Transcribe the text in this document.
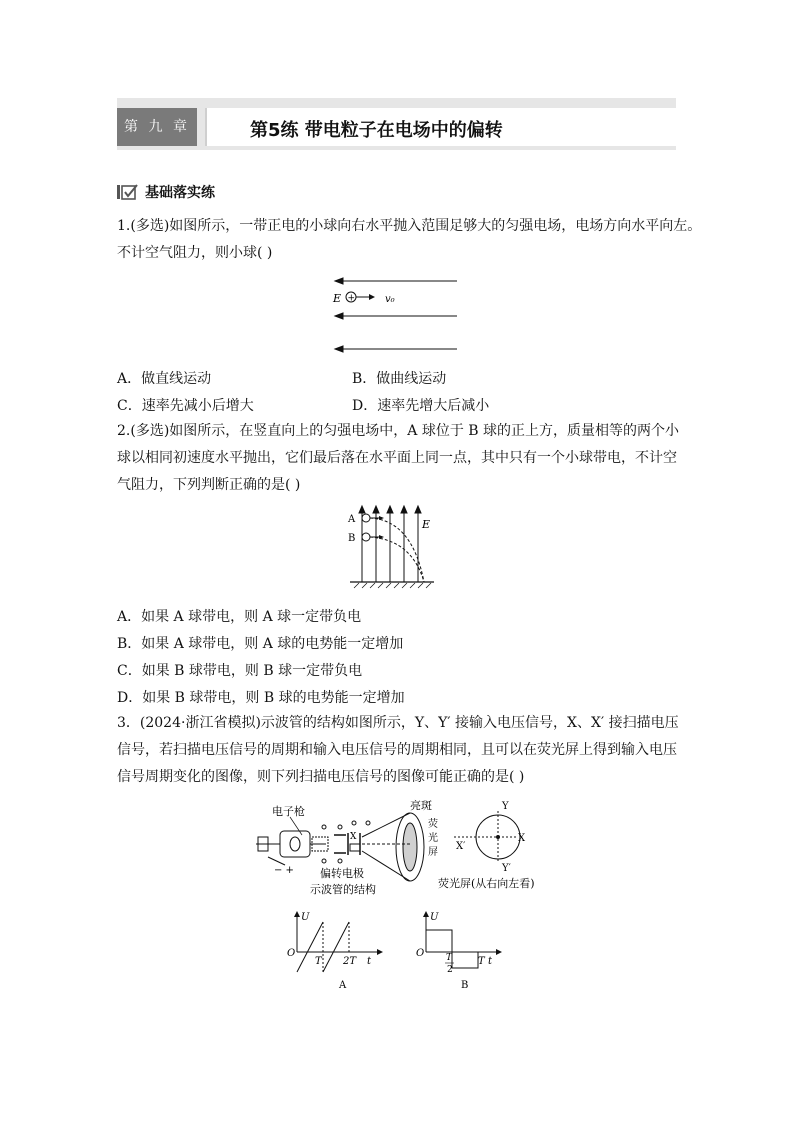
第 九 章	第5练 带电粒子在电场中的偏转
基础落实练
1.(多选)如图所示，一带正电的小球向右水平抛入范围足够大的匀强电场，电场方向水平向左。
不计空气阻力，则小球( )
E +	v₀
A．做直线运动	B．做曲线运动
C．速率先减小后增大	D．速率先增大后减小
2.(多选)如图所示，在竖直向上的匀强电场中，A 球位于 B 球的正上方，质量相等的两个小
球以相同初速度水平抛出，它们最后落在水平面上同一点，其中只有一个小球带电，不计空
气阻力，下列判断正确的是( )
A
B
E
A．如果 A 球带电，则 A 球一定带负电
B．如果 A 球带电，则 A 球的电势能一定增加
C．如果 B 球带电，则 B 球一定带负电
D．如果 B 球带电，则 B 球的电势能一定增加
3．(2024·浙江省模拟)示波管的结构如图所示，Y、Y′ 接输入电压信号，X、X′ 接扫描电压
信号，若扫描电压信号的周期和输入电压信号的周期相同，且可以在荧光屏上得到输入电压
信号周期变化的图像，则下列扫描电压信号的图像可能正确的是( )
电子枪
− +
X
偏转电极
示波管的结构
亮斑
荧
光
屏
Y
Y′
X
X′
荧光屏(从右向左看)
U
O
T 2T t
A
U
O T
2
T t
B
